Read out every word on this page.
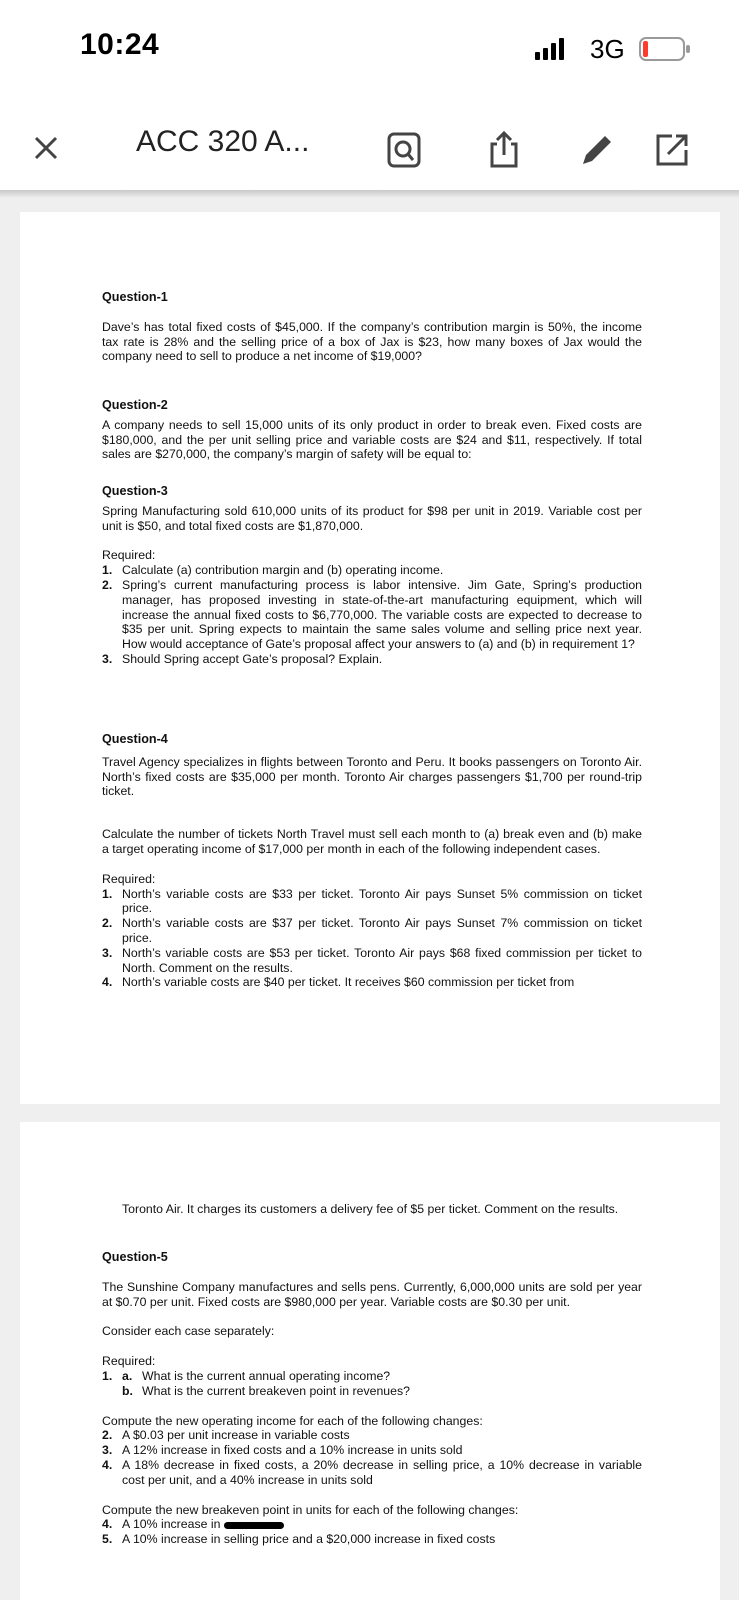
10:24	3G
ACC 320 A...
Question-1

Dave’s has total fixed costs of $45,000. If the company’s contribution margin is 50%, the income tax rate is 28% and the selling price of a box of Jax is $23, how many boxes of Jax would the company need to sell to produce a net income of $19,000?

Question-2

A company needs to sell 15,000 units of its only product in order to break even. Fixed costs are $180,000, and the per unit selling price and variable costs are $24 and $11, respectively. If total sales are $270,000, the company’s margin of safety will be equal to:

Question-3

Spring Manufacturing sold 610,000 units of its product for $98 per unit in 2019. Variable cost per unit is $50, and total fixed costs are $1,870,000.

Required:

1. Calculate (a) contribution margin and (b) operating income.
2. Spring’s current manufacturing process is labor intensive. Jim Gate, Spring’s production manager, has proposed investing in state-of-the-art manufacturing equipment, which will increase the annual fixed costs to $6,770,000. The variable costs are expected to decrease to $35 per unit. Spring expects to maintain the same sales volume and selling price next year. How would acceptance of Gate’s proposal affect your answers to (a) and (b) in requirement 1?
3. Should Spring accept Gate’s proposal? Explain.
Question-4

Travel Agency specializes in flights between Toronto and Peru. It books passengers on Toronto Air. North’s fixed costs are $35,000 per month. Toronto Air charges passengers $1,700 per round-trip ticket.

Calculate the number of tickets North Travel must sell each month to (a) break even and (b) make a target operating income of $17,000 per month in each of the following independent cases.

Required:

1. North’s variable costs are $33 per ticket. Toronto Air pays Sunset 5% commission on ticket price.
2. North’s variable costs are $37 per ticket. Toronto Air pays Sunset 7% commission on ticket price.
3. North’s variable costs are $53 per ticket. Toronto Air pays $68 fixed commission per ticket to North. Comment on the results.
4. North’s variable costs are $40 per ticket. It receives $60 commission per ticket from

Toronto Air. It charges its customers a delivery fee of $5 per ticket. Comment on the results.

Question-5

The Sunshine Company manufactures and sells pens. Currently, 6,000,000 units are sold per year at $0.70 per unit. Fixed costs are $980,000 per year. Variable costs are $0.30 per unit.

Consider each case separately:

Required:

1. a. What is the current annual operating income?
b. What is the current breakeven point in revenues?

Compute the new operating income for each of the following changes:

2. A $0.03 per unit increase in variable costs
3. A 12% increase in fixed costs and a 10% increase in units sold
4. A 18% decrease in fixed costs, a 20% decrease in selling price, a 10% decrease in variable cost per unit, and a 40% increase in units sold

Compute the new breakeven point in units for each of the following changes:

4. A 10% increase in
5. A 10% increase in selling price and a $20,000 increase in fixed costs
